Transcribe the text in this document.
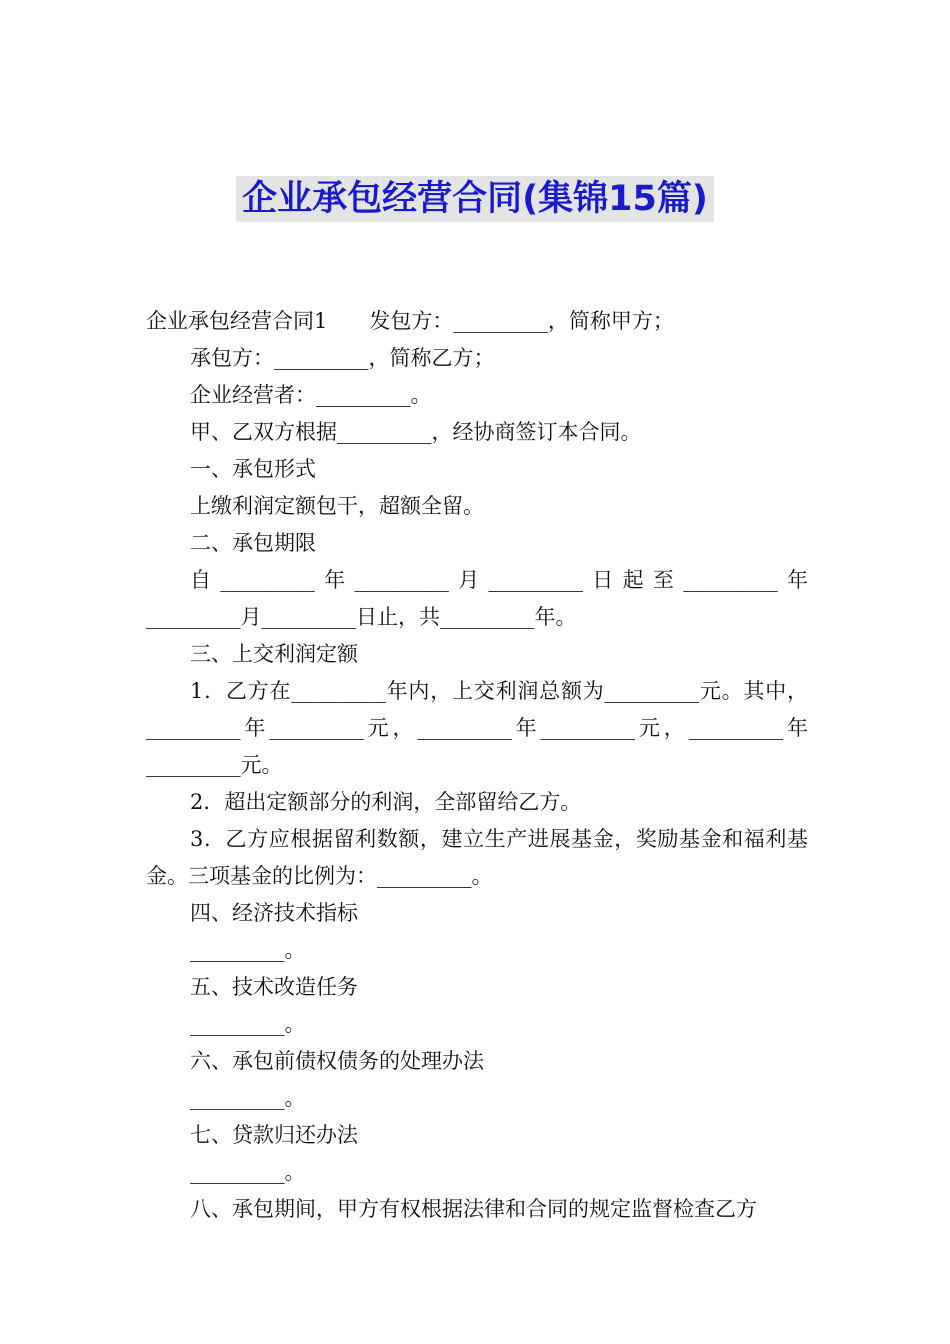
企业承包经营合同(集锦15篇)

企业承包经营合同1　　发包方：_________，简称甲方；

承包方：_________，简称乙方；

企业经营者：_________。

甲、乙双方根据_________，经协商签订本合同。

一、承包形式

上缴利润定额包干，超额全留。

二、承包期限

自_________年_________月_________日起至_________年_________月_________日止，共_________年。

三、上交利润定额

1．乙方在_________年内，上交利润总额为_________元。其中，_________年_________元，_________年_________元，_________年_________元。

2．超出定额部分的利润，全部留给乙方。

3．乙方应根据留利数额，建立生产进展基金，奖励基金和福利基金。三项基金的比例为：_________。

四、经济技术指标

_________。

五、技术改造任务

_________。

六、承包前债权债务的处理办法

_________。

七、贷款归还办法

_________。

八、承包期间，甲方有权根据法律和合同的规定监督检查乙方
